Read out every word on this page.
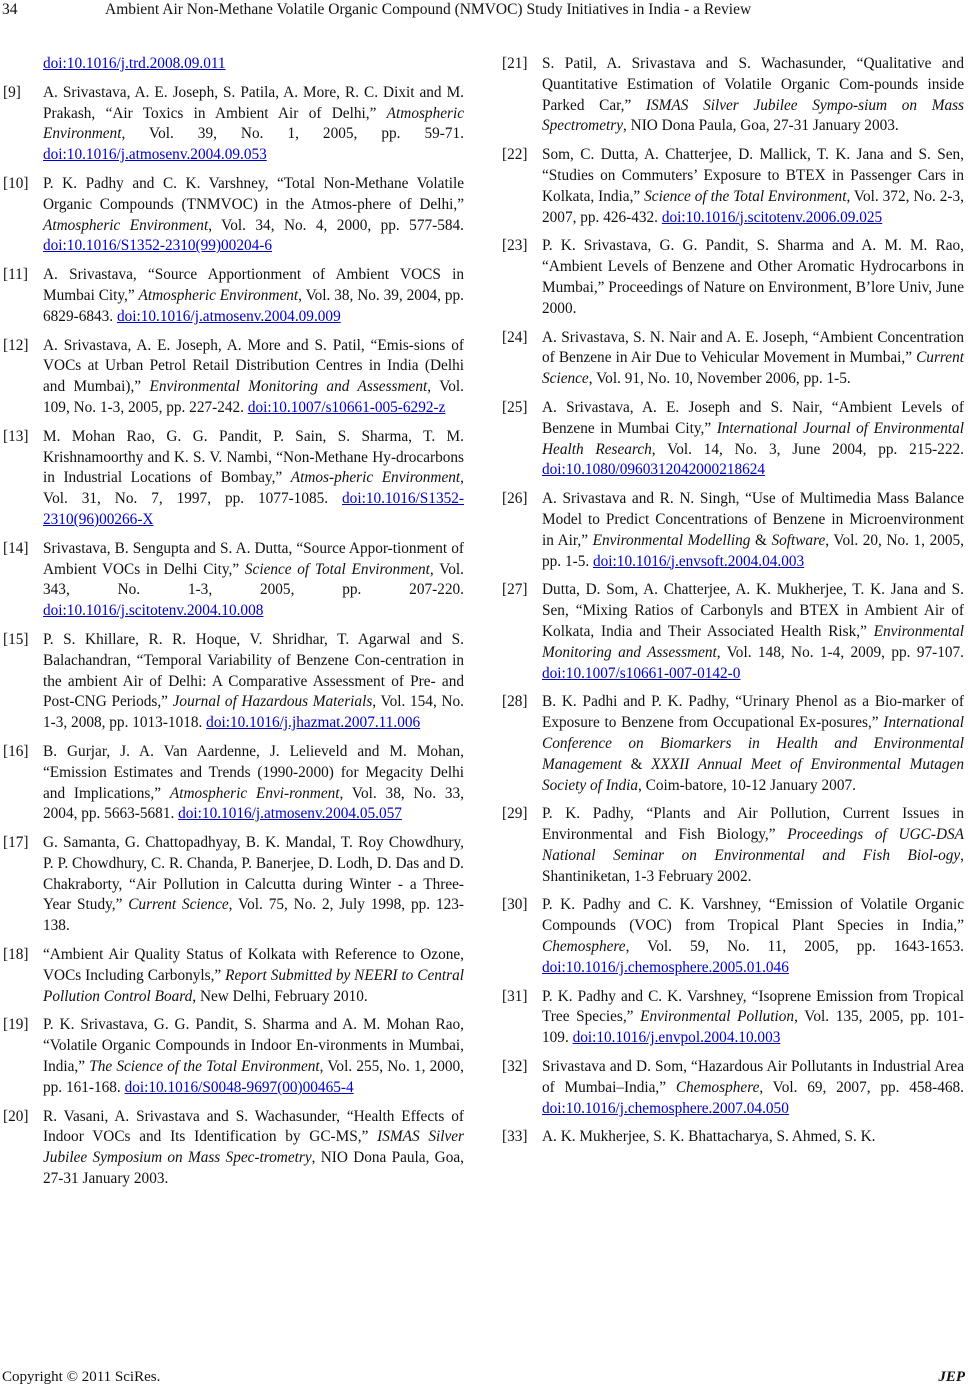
34	Ambient Air Non-Methane Volatile Organic Compound (NMVOC) Study Initiatives in India - a Review
doi:10.1016/j.trd.2008.09.011
[9] A. Srivastava, A. E. Joseph, S. Patila, A. More, R. C. Dixit and M. Prakash, “Air Toxics in Ambient Air of Delhi,” Atmospheric Environment, Vol. 39, No. 1, 2005, pp. 59-71. doi:10.1016/j.atmosenv.2004.09.053
[10] P. K. Padhy and C. K. Varshney, “Total Non-Methane Volatile Organic Compounds (TNMVOC) in the Atmos-phere of Delhi,” Atmospheric Environment, Vol. 34, No. 4, 2000, pp. 577-584. doi:10.1016/S1352-2310(99)00204-6
[11] A. Srivastava, “Source Apportionment of Ambient VOCS in Mumbai City,” Atmospheric Environment, Vol. 38, No. 39, 2004, pp. 6829-6843. doi:10.1016/j.atmosenv.2004.09.009
[12] A. Srivastava, A. E. Joseph, A. More and S. Patil, “Emis-sions of VOCs at Urban Petrol Retail Distribution Centres in India (Delhi and Mumbai),” Environmental Monitoring and Assessment, Vol. 109, No. 1-3, 2005, pp. 227-242. doi:10.1007/s10661-005-6292-z
[13] M. Mohan Rao, G. G. Pandit, P. Sain, S. Sharma, T. M. Krishnamoorthy and K. S. V. Nambi, “Non-Methane Hy-drocarbons in Industrial Locations of Bombay,” Atmos-pheric Environment, Vol. 31, No. 7, 1997, pp. 1077-1085. doi:10.1016/S1352-2310(96)00266-X
[14] Srivastava, B. Sengupta and S. A. Dutta, “Source Appor-tionment of Ambient VOCs in Delhi City,” Science of Total Environment, Vol. 343, No. 1-3, 2005, pp. 207-220. doi:10.1016/j.scitotenv.2004.10.008
[15] P. S. Khillare, R. R. Hoque, V. Shridhar, T. Agarwal and S. Balachandran, “Temporal Variability of Benzene Con-centration in the ambient Air of Delhi: A Comparative Assessment of Pre- and Post-CNG Periods,” Journal of Hazardous Materials, Vol. 154, No. 1-3, 2008, pp. 1013-1018. doi:10.1016/j.jhazmat.2007.11.006
[16] B. Gurjar, J. A. Van Aardenne, J. Lelieveld and M. Mohan, “Emission Estimates and Trends (1990-2000) for Megacity Delhi and Implications,” Atmospheric Envi-ronment, Vol. 38, No. 33, 2004, pp. 5663-5681. doi:10.1016/j.atmosenv.2004.05.057
[17] G. Samanta, G. Chattopadhyay, B. K. Mandal, T. Roy Chowdhury, P. P. Chowdhury, C. R. Chanda, P. Banerjee, D. Lodh, D. Das and D. Chakraborty, “Air Pollution in Calcutta during Winter - a Three-Year Study,” Current Science, Vol. 75, No. 2, July 1998, pp. 123-138.
[18] “Ambient Air Quality Status of Kolkata with Reference to Ozone, VOCs Including Carbonyls,” Report Submitted by NEERI to Central Pollution Control Board, New Delhi, February 2010.
[19] P. K. Srivastava, G. G. Pandit, S. Sharma and A. M. Mohan Rao, “Volatile Organic Compounds in Indoor En-vironments in Mumbai, India,” The Science of the Total Environment, Vol. 255, No. 1, 2000, pp. 161-168. doi:10.1016/S0048-9697(00)00465-4
[20] R. Vasani, A. Srivastava and S. Wachasunder, “Health Effects of Indoor VOCs and Its Identification by GC-MS,” ISMAS Silver Jubilee Symposium on Mass Spec-trometry, NIO Dona Paula, Goa, 27-31 January 2003.
[21] S. Patil, A. Srivastava and S. Wachasunder, “Qualitative and Quantitative Estimation of Volatile Organic Com-pounds inside Parked Car,” ISMAS Silver Jubilee Sympo-sium on Mass Spectrometry, NIO Dona Paula, Goa, 27-31 January 2003.
[22] Som, C. Dutta, A. Chatterjee, D. Mallick, T. K. Jana and S. Sen, “Studies on Commuters’ Exposure to BTEX in Passenger Cars in Kolkata, India,” Science of the Total Environment, Vol. 372, No. 2-3, 2007, pp. 426-432. doi:10.1016/j.scitotenv.2006.09.025
[23] P. K. Srivastava, G. G. Pandit, S. Sharma and A. M. M. Rao, “Ambient Levels of Benzene and Other Aromatic Hydrocarbons in Mumbai,” Proceedings of Nature on Environment, B’lore Univ, June 2000.
[24] A. Srivastava, S. N. Nair and A. E. Joseph, “Ambient Concentration of Benzene in Air Due to Vehicular Movement in Mumbai,” Current Science, Vol. 91, No. 10, November 2006, pp. 1-5.
[25] A. Srivastava, A. E. Joseph and S. Nair, “Ambient Levels of Benzene in Mumbai City,” International Journal of Environmental Health Research, Vol. 14, No. 3, June 2004, pp. 215-222. doi:10.1080/0960312042000218624
[26] A. Srivastava and R. N. Singh, “Use of Multimedia Mass Balance Model to Predict Concentrations of Benzene in Microenvironment in Air,” Environmental Modelling & Software, Vol. 20, No. 1, 2005, pp. 1-5. doi:10.1016/j.envsoft.2004.04.003
[27] Dutta, D. Som, A. Chatterjee, A. K. Mukherjee, T. K. Jana and S. Sen, “Mixing Ratios of Carbonyls and BTEX in Ambient Air of Kolkata, India and Their Associated Health Risk,” Environmental Monitoring and Assessment, Vol. 148, No. 1-4, 2009, pp. 97-107. doi:10.1007/s10661-007-0142-0
[28] B. K. Padhi and P. K. Padhy, “Urinary Phenol as a Bio-marker of Exposure to Benzene from Occupational Ex-posures,” International Conference on Biomarkers in Health and Environmental Management & XXXII Annual Meet of Environmental Mutagen Society of India, Coim-batore, 10-12 January 2007.
[29] P. K. Padhy, “Plants and Air Pollution, Current Issues in Environmental and Fish Biology,” Proceedings of UGC-DSA National Seminar on Environmental and Fish Biol-ogy, Shantiniketan, 1-3 February 2002.
[30] P. K. Padhy and C. K. Varshney, “Emission of Volatile Organic Compounds (VOC) from Tropical Plant Species in India,” Chemosphere, Vol. 59, No. 11, 2005, pp. 1643-1653. doi:10.1016/j.chemosphere.2005.01.046
[31] P. K. Padhy and C. K. Varshney, “Isoprene Emission from Tropical Tree Species,” Environmental Pollution, Vol. 135, 2005, pp. 101-109. doi:10.1016/j.envpol.2004.10.003
[32] Srivastava and D. Som, “Hazardous Air Pollutants in Industrial Area of Mumbai–India,” Chemosphere, Vol. 69, 2007, pp. 458-468. doi:10.1016/j.chemosphere.2007.04.050
[33] A. K. Mukherjee, S. K. Bhattacharya, S. Ahmed, S. K.
Copyright © 2011 SciRes.	JEP
